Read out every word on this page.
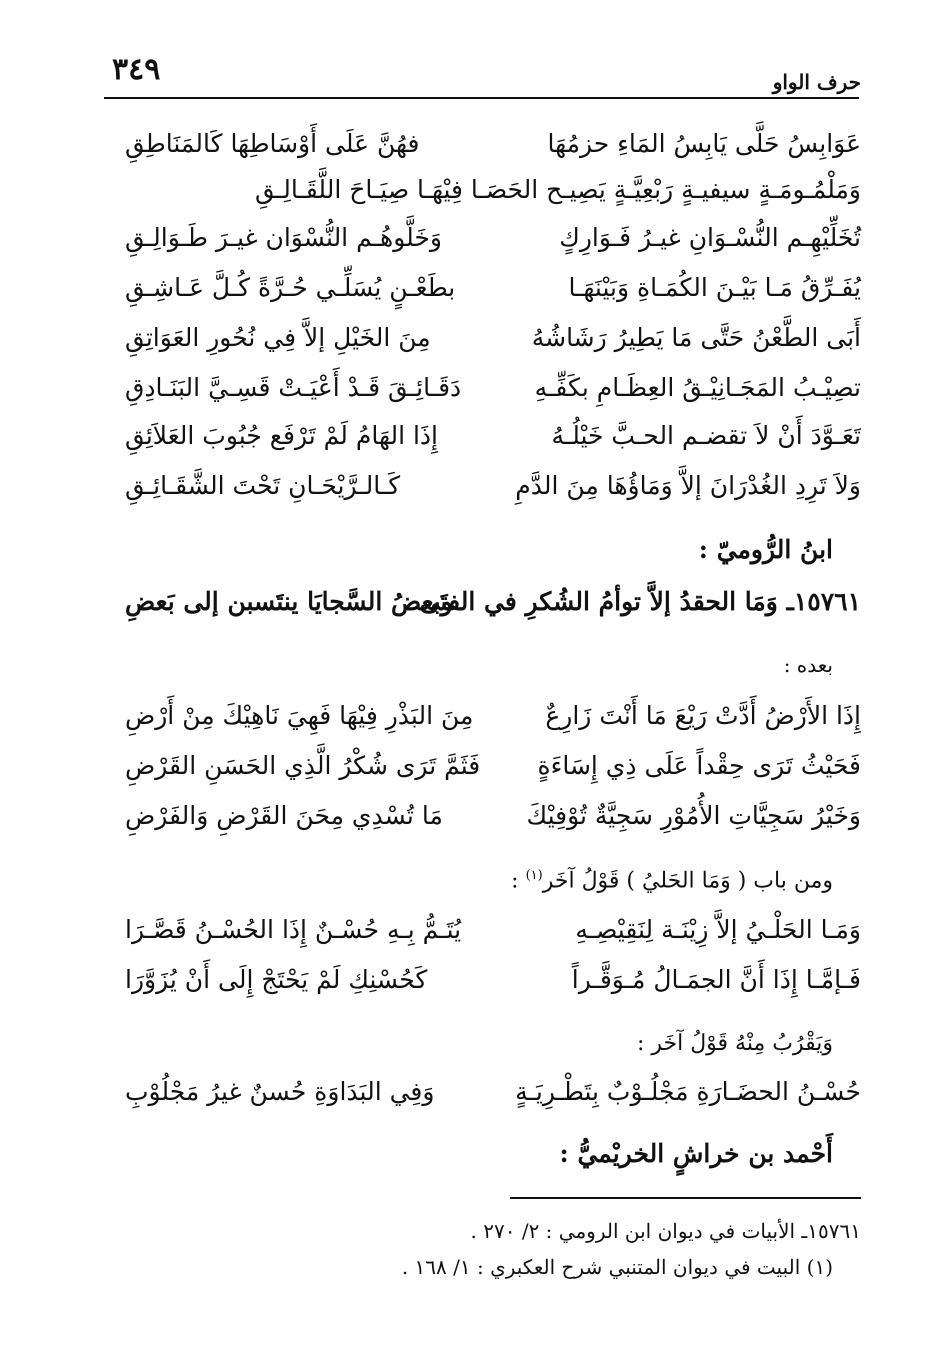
٣٤٩	حرف الواو
عَوَابِسُ حَلَّى يَابِسُ المَاءِ حزمُهَا
فهُنَّ عَلَى أَوْسَاطِهَا كَالمَنَاطِقِ
وَمَلْمُـومَـةٍ سيفيـةٍ رَبْعِيَّـةٍ يَصِيـح الحَصَـا فِيْهَـا صِيَـاحَ اللَّقَـالِـقِ
تُخَلِّيْهِـم النُّسْـوَانِ غيـرُ فَـوَارِكٍ
وَخَلَّوهُـم النُّسْوَان غيـرَ طَـوَالِـقِ
يُفَـرِّقُ مَـا بَيْـنَ الكُمَـاةِ وَبَيْنَهَـا
بطَعْـنٍ يُسَلِّـي حُـرَّةً كُـلَّ عَـاشِـقِ
أَبَى الطَّعْنُ حَتَّى مَا يَطِيرُ رَشَاشُهُ
مِنَ الخَيْلِ إلاَّ فِي نُحُورِ العَوَاتِقِ
تصِيْـبُ المَجَـانِيْـقُ العِظَـامِ بكَفِّـهِ
دَقَـائِـقَ قَـدْ أَعْيَـتْ قَسِـيَّ البَنَـادِقِ
تَعَـوَّدَ أَنْ لاَ تقضـم الحـبَّ خَيْلُـهُ
إِذَا الهَامُ لَمْ تَرْفَع جُبُوبَ العَلاَئِقِ
وَلاَ تَرِدِ الغُدْرَانَ إلاَّ وَمَاؤُهَا مِنَ الدَّمِ
كَـالـرَّيْحَـانِ تَحْتَ الشَّقَـائِـقِ
ابنُ الرُّوميّ :
١٥٧٦١ـ وَمَا الحقدُ إلاَّ توأمُ الشُكرِ في الفتَى
وبعضُ السَّجايَا ينتَسبن إلى بَعضِ
بعده :
إِذَا الأَرْضُ أَدَّتْ رَيْعَ مَا أَنْتَ زَارِعٌ
مِنَ البَذْرِ فِيْهَا فَهِيَ نَاهِيْكَ مِنْ أَرْضِ
فَحَيْثُ تَرَى حِقْداً عَلَى ذِي إِسَاءَةٍ
فَثَمَّ تَرَى شُكْرُ الَّذِي الحَسَنِ القَرْضِ
وَخَيْرُ سَجِيَّاتِ الأُمُوْرِ سَجِيَّةٌ تُوْفِيْكَ
مَا تُسْدِي مِحَنَ القَرْضِ وَالفَرْضِ
ومن باب ( وَمَا الحَليُ ) قَوْلُ آخَر$^{(١)}$ :
وَمَـا الحَلْـيُ إلاَّ زِيْنَـة لِنَقِيْصِـهِ
يُتَـمُّ بِـهِ حُسْـنٌ إِذَا الحُسْـنُ قَصَّـرَا
فَـإمَّـا إِذَا أَنَّ الجمَـالُ مُـوَقَّـراً
كَحُسْنِكِ لَمْ يَحْتَجْ إِلَى أَنْ يُزَوَّرَا
وَيَقْرُبُ مِنْهُ قَوْلُ آخَر :
حُسْـنُ الحضَـارَةِ مَجْلُـوْبٌ بِتَطْـرِيَـةٍ
وَفِي البَدَاوَةِ حُسنٌ غيرُ مَجْلُوْبِ
أَحْمد بن خراشٍ الخريْميُّ :
١٥٧٦١ـ الأبيات في ديوان ابن الرومي : ٢/ ٢٧٠ .
(١) البيت في ديوان المتنبي شرح العكبري : ١/ ١٦٨ .
